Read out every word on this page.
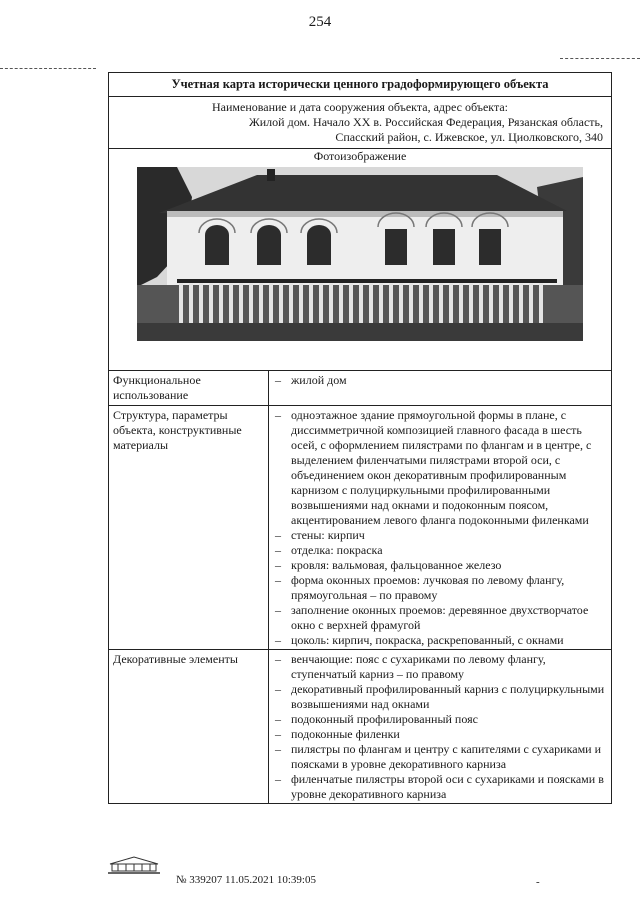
254
Учетная карта исторически ценного градоформирующего объекта
Наименование и дата сооружения объекта, адрес объекта:
Жилой дом. Начало XX в. Российская Федерация, Рязанская область,
Спасский район, с. Ижевское, ул. Циолковского, 340
Фотоизображение
Функциональное использование
– жилой дом
Структура, параметры объекта, конструктивные материалы
– одноэтажное здание прямоугольной формы в плане, с диссимметричной композицией главного фасада в шесть осей, с оформлением пилястрами по флангам и в центре, с выделением филенчатыми пилястрами второй оси, с объединением окон декоративным профилированным карнизом с полуциркульными профилированными возвышениями над окнами и подоконным поясом, акцентированием левого фланга подоконными филенками
– стены: кирпич
– отделка: покраска
– кровля: вальмовая, фальцованное железо
– форма оконных проемов: лучковая по левому флангу, прямоугольная – по правому
– заполнение оконных проемов: деревянное двухстворчатое окно с верхней фрамугой
– цоколь: кирпич, покраска, раскрепованный, с окнами
Декоративные элементы	– венчающие: пояс с сухариками по левому флангу, ступенчатый карниз – по правому
– декоративный профилированный карниз с полуциркульными возвышениями над окнами
– подоконный профилированный пояс
– подоконные филенки
– пилястры по флангам и центру с капителями с сухариками и поясками в уровне декоративного карниза
– филенчатые пилястры второй оси с сухариками и поясками в уровне декоративного карниза
№ 339207 11.05.2021 10:39:05	-
